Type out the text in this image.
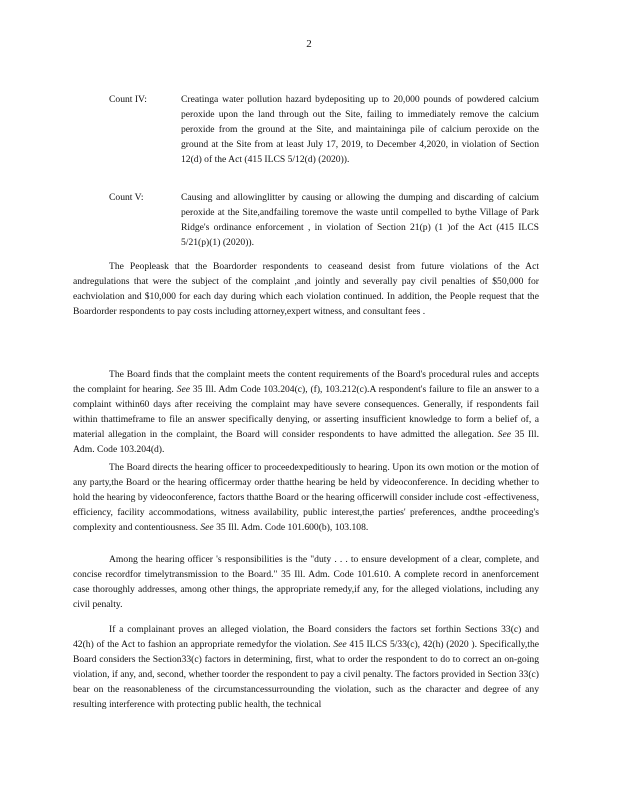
2
Count IV:	Creatinga water pollution hazard bydepositing up to 20,000 pounds of powdered calcium peroxide upon the land through out the Site, failing to immediately remove the calcium peroxide from the ground at the Site, and maintaininga pile of calcium peroxide on the ground at the Site from at least July 17, 2019, to December 4,2020, in violation of Section 12(d) of the Act (415 ILCS 5/12(d) (2020)).
Count V:	Causing and allowinglitter by causing or allowing the dumping and discarding of calcium peroxide at the Site,andfailing toremove the waste until compelled to bythe Village of Park Ridge's ordinance enforcement , in violation of Section 21(p) (1 )of the Act (415 ILCS 5/21(p)(1) (2020)).

The Peopleask that the Boardorder respondents to ceaseand desist from future violations of the Act andregulations that were the subject of the complaint ,and jointly and severally pay civil penalties of $50,000 for eachviolation and $10,000 for each day during which each violation continued. In addition, the People request that the Boardorder respondents to pay costs including attorney,expert witness, and consultant fees .

The Board finds that the complaint meets the content requirements of the Board's procedural rules and accepts the complaint for hearing. See 35 Ill. Adm Code 103.204(c), (f), 103.212(c).A respondent's failure to file an answer to a complaint within60 days after receiving the complaint may have severe consequences. Generally, if respondents fail within thattimeframe to file an answer specifically denying, or asserting insufficient knowledge to form a belief of, a material allegation in the complaint, the Board will consider respondents to have admitted the allegation. See 35 Ill. Adm. Code 103.204(d).

The Board directs the hearing officer to proceedexpeditiously to hearing. Upon its own motion or the motion of any party,the Board or the hearing officermay order thatthe hearing be held by videoconference. In deciding whether to hold the hearing by videoconference, factors thatthe Board or the hearing officerwill consider include cost -effectiveness, efficiency, facility accommodations, witness availability, public interest,the parties' preferences, andthe proceeding's complexity and contentiousness. See 35 Ill. Adm. Code 101.600(b), 103.108.

Among the hearing officer 's responsibilities is the "duty . . . to ensure development of a clear, complete, and concise recordfor timelytransmission to the Board." 35 Ill. Adm. Code 101.610. A complete record in anenforcement case thoroughly addresses, among other things, the appropriate remedy,if any, for the alleged violations, including any civil penalty.

If a complainant proves an alleged violation, the Board considers the factors set forthin Sections 33(c) and 42(h) of the Act to fashion an appropriate remedyfor the violation. See 415 ILCS 5/33(c), 42(h) (2020 ). Specifically,the Board considers the Section33(c) factors in determining, first, what to order the respondent to do to correct an on-going violation, if any, and, second, whether toorder the respondent to pay a civil penalty. The factors provided in Section 33(c) bear on the reasonableness of the circumstancessurrounding the violation, such as the character and degree of any resulting interference with protecting public health, the technical
